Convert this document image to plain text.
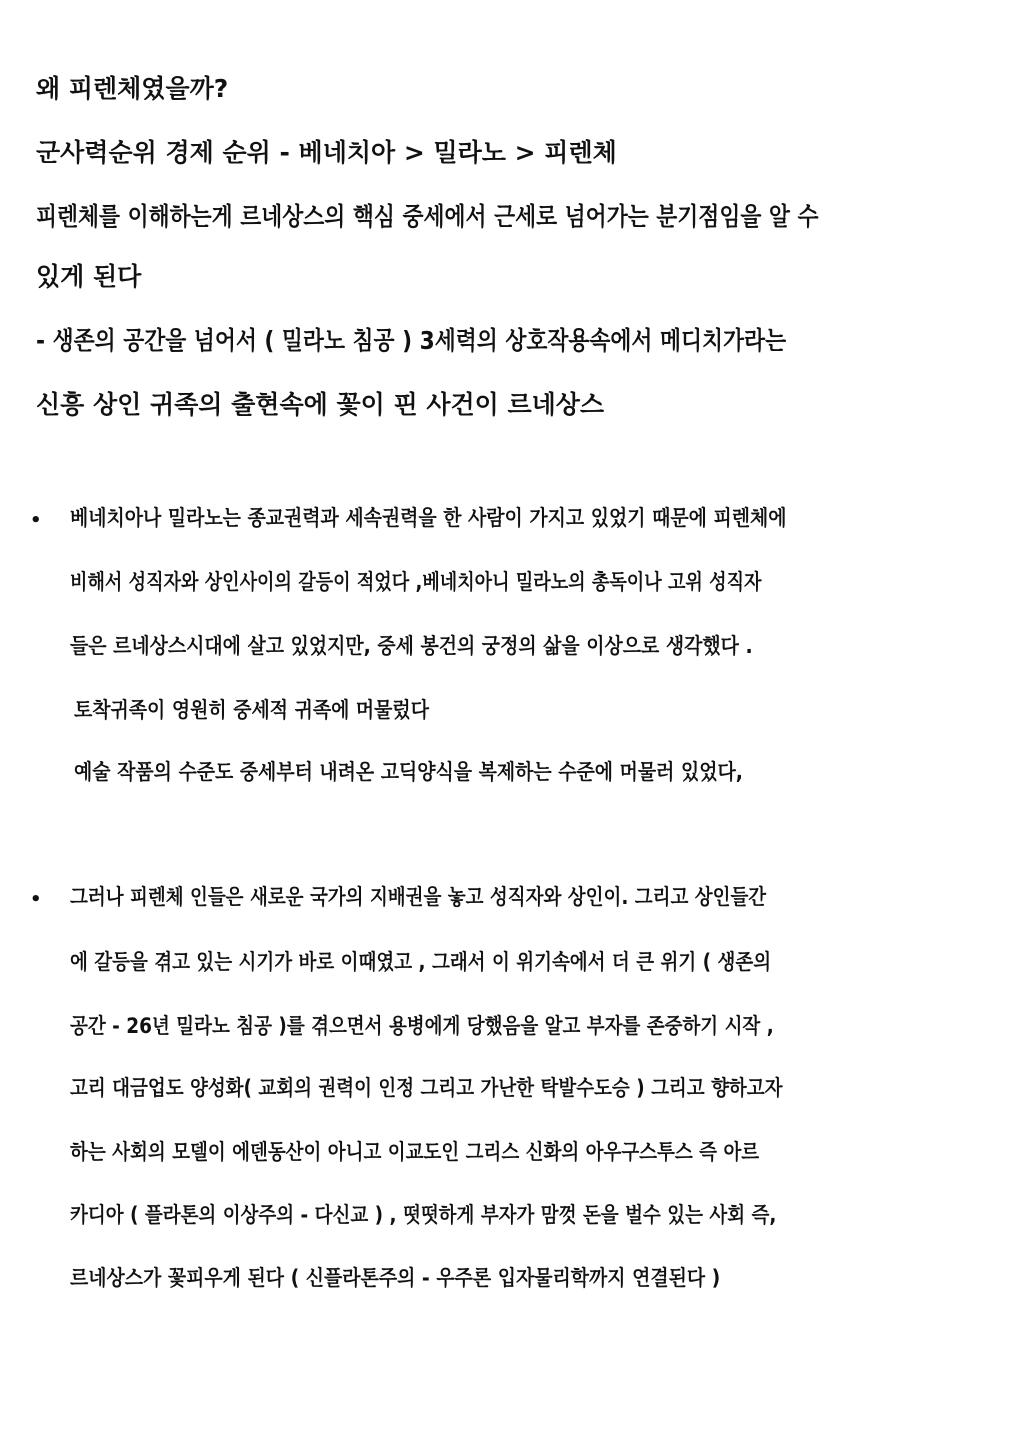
왜 피렌체였을까?
군사력순위 경제 순위 - 베네치아 > 밀라노 > 피렌체
피렌체를 이해하는게 르네상스의 핵심 중세에서 근세로 넘어가는 분기점임을 알 수
있게 된다
- 생존의 공간을 넘어서 ( 밀라노 침공 ) 3세력의 상호작용속에서 메디치가라는
신흥 상인 귀족의 출현속에 꽃이 핀 사건이 르네상스
• 베네치아나 밀라노는 종교권력과 세속권력을 한 사람이 가지고 있었기 때문에 피렌체에
비해서 성직자와 상인사이의 갈등이 적었다 ,베네치아니 밀라노의 총독이나 고위 성직자
들은 르네상스시대에 살고 있었지만, 중세 봉건의 궁정의 삶을 이상으로 생각했다 .
토착귀족이 영원히 중세적 귀족에 머물렀다
예술 작품의 수준도 중세부터 내려온 고딕양식을 복제하는 수준에 머물러 있었다,
• 그러나 피렌체 인들은 새로운 국가의 지배권을 놓고 성직자와 상인이. 그리고 상인들간
에 갈등을 겪고 있는 시기가 바로 이때였고 , 그래서 이 위기속에서 더 큰 위기 ( 생존의
공간 - 26년 밀라노 침공 )를 겪으면서 용병에게 당했음을 알고 부자를 존중하기 시작 ,
고리 대금업도 양성화( 교회의 권력이 인정 그리고 가난한 탁발수도승 ) 그리고 향하고자
하는 사회의 모델이 에덴동산이 아니고 이교도인 그리스 신화의 아우구스투스 즉 아르
카디아 ( 플라톤의 이상주의 - 다신교 ) , 떳떳하게 부자가 맘껏 돈을 벌수 있는 사회 즉,
르네상스가 꽃피우게 된다 ( 신플라톤주의 - 우주론 입자물리학까지 연결된다 )
